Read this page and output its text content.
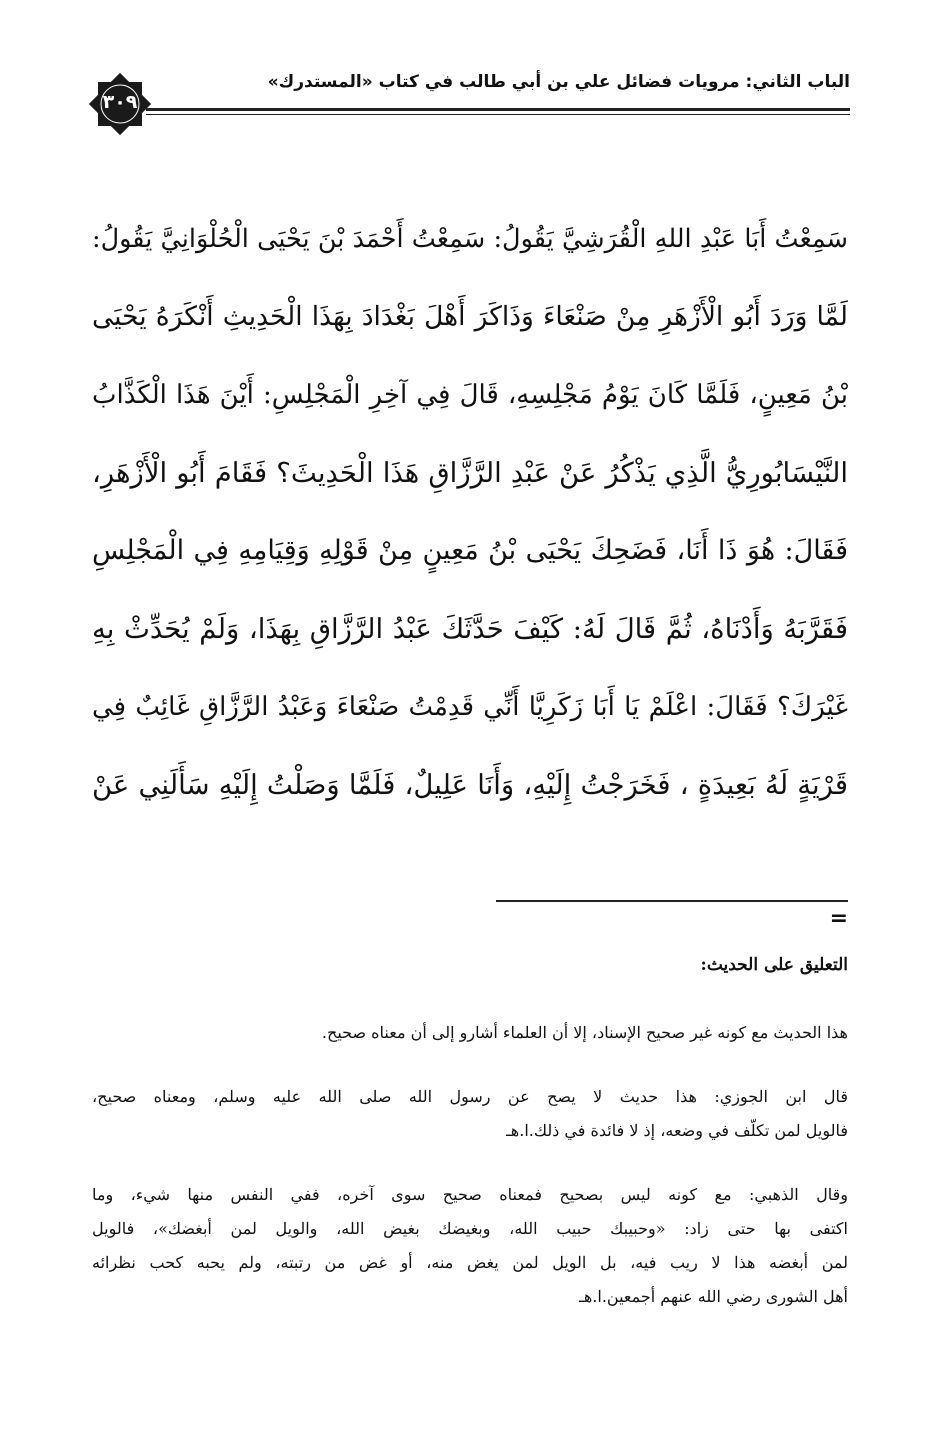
الباب الثاني: مرويات فضائل علي بن أبي طالب في كتاب «المستدرك»
٣٠٩
سَمِعْتُ أَبَا عَبْدِ اللهِ الْقُرَشِيَّ يَقُولُ: سَمِعْتُ أَحْمَدَ بْنَ يَحْيَى الْحُلْوَانِيَّ يَقُولُ:
لَمَّا وَرَدَ أَبُو الْأَزْهَرِ مِنْ صَنْعَاءَ وَذَاكَرَ أَهْلَ بَغْدَادَ بِهَذَا الْحَدِيثِ أَنْكَرَهُ يَحْيَى
بْنُ مَعِينٍ، فَلَمَّا كَانَ يَوْمُ مَجْلِسِهِ، قَالَ فِي آخِرِ الْمَجْلِسِ: أَيْنَ هَذَا الْكَذَّابُ
النَّيْسَابُورِيُّ الَّذِي يَذْكُرُ عَنْ عَبْدِ الرَّزَّاقِ هَذَا الْحَدِيثَ؟ فَقَامَ أَبُو الْأَزْهَرِ،
فَقَالَ: هُوَ ذَا أَنَا، فَضَحِكَ يَحْيَى بْنُ مَعِينٍ مِنْ قَوْلِهِ وَقِيَامِهِ فِي الْمَجْلِسِ
فَقَرَّبَهُ وَأَدْنَاهُ، ثُمَّ قَالَ لَهُ: كَيْفَ حَدَّثَكَ عَبْدُ الرَّزَّاقِ بِهَذَا، وَلَمْ يُحَدِّثْ بِهِ
غَيْرَكَ؟ فَقَالَ: اعْلَمْ يَا أَبَا زَكَرِيَّا أَنِّي قَدِمْتُ صَنْعَاءَ وَعَبْدُ الرَّزَّاقِ غَائِبٌ فِي
قَرْيَةٍ لَهُ بَعِيدَةٍ ، فَخَرَجْتُ إِلَيْهِ، وَأَنَا عَلِيلٌ، فَلَمَّا وَصَلْتُ إِلَيْهِ سَأَلَنِي عَنْ
=
التعليق على الحديث:
هذا الحديث مع كونه غير صحيح الإسناد، إلا أن العلماء أشارو إلى أن معناه صحيح.
قال ابن الجوزي: هذا حديث لا يصح عن رسول الله صلى الله عليه وسلم، ومعناه صحيح،
فالويل لمن تكلّف في وضعه، إذ لا فائدة في ذلك.ا.هـ
وقال الذهبي: مع كونه ليس بصحيح فمعناه صحيح سوى آخره، ففي النفس منها شيء، وما
اكتفى بها حتى زاد: «وحبيبك حبيب الله، وبغيضك بغيض الله، والويل لمن أبغضك»، فالويل
لمن أبغضه هذا لا ريب فيه، بل الويل لمن يغض منه، أو غض من رتبته، ولم يحبه كحب نظرائه
أهل الشورى رضي الله عنهم أجمعين.ا.هـ
